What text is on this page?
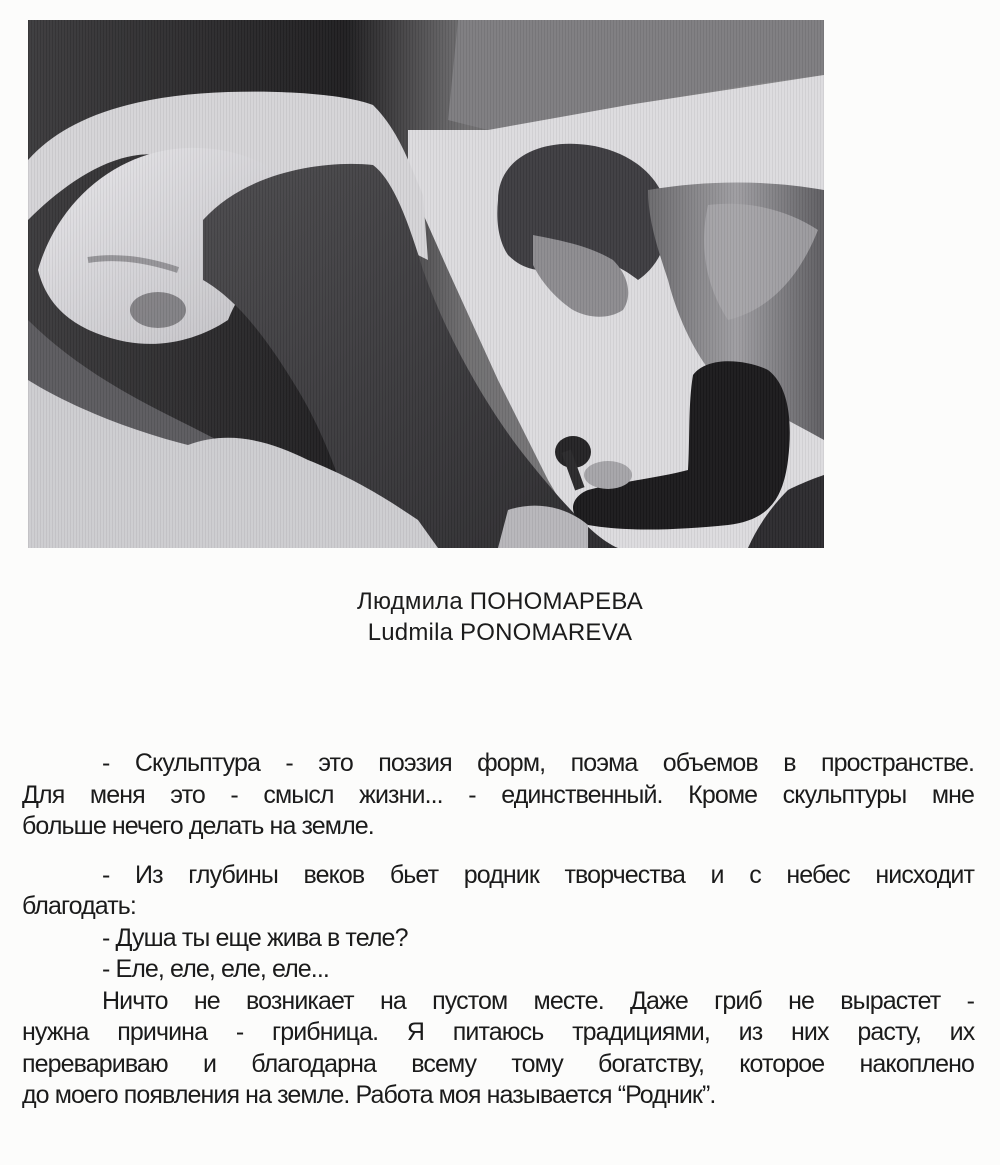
Людмила ПОНОМАРЕВА
Ludmila PONOMAREVA
- Скульптура - это поэзия форм, поэма объемов в пространстве.
Для меня это - смысл жизни... - единственный. Кроме скульптуры мне
больше нечего делать на земле.
- Из глубины веков бьет родник творчества и с небес нисходит
благодать:
- Душа ты еще жива в теле?
- Еле, еле, еле, еле...
Ничто не возникает на пустом месте. Даже гриб не вырастет -
нужна причина - грибница. Я питаюсь традициями, из них расту, их
перевариваю и благодарна всему тому богатству, которое накоплено
до моего появления на земле. Работа моя называется “Родник”.
